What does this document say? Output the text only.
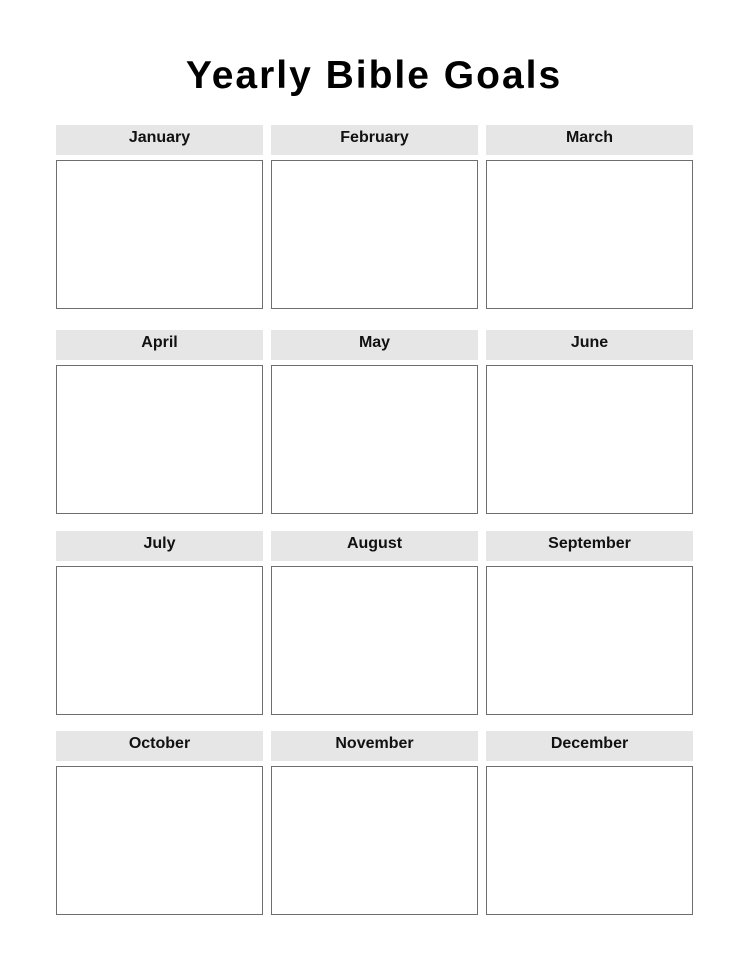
Yearly Bible Goals
January	February	March
April	May	June
July	August	September
October	November	December
